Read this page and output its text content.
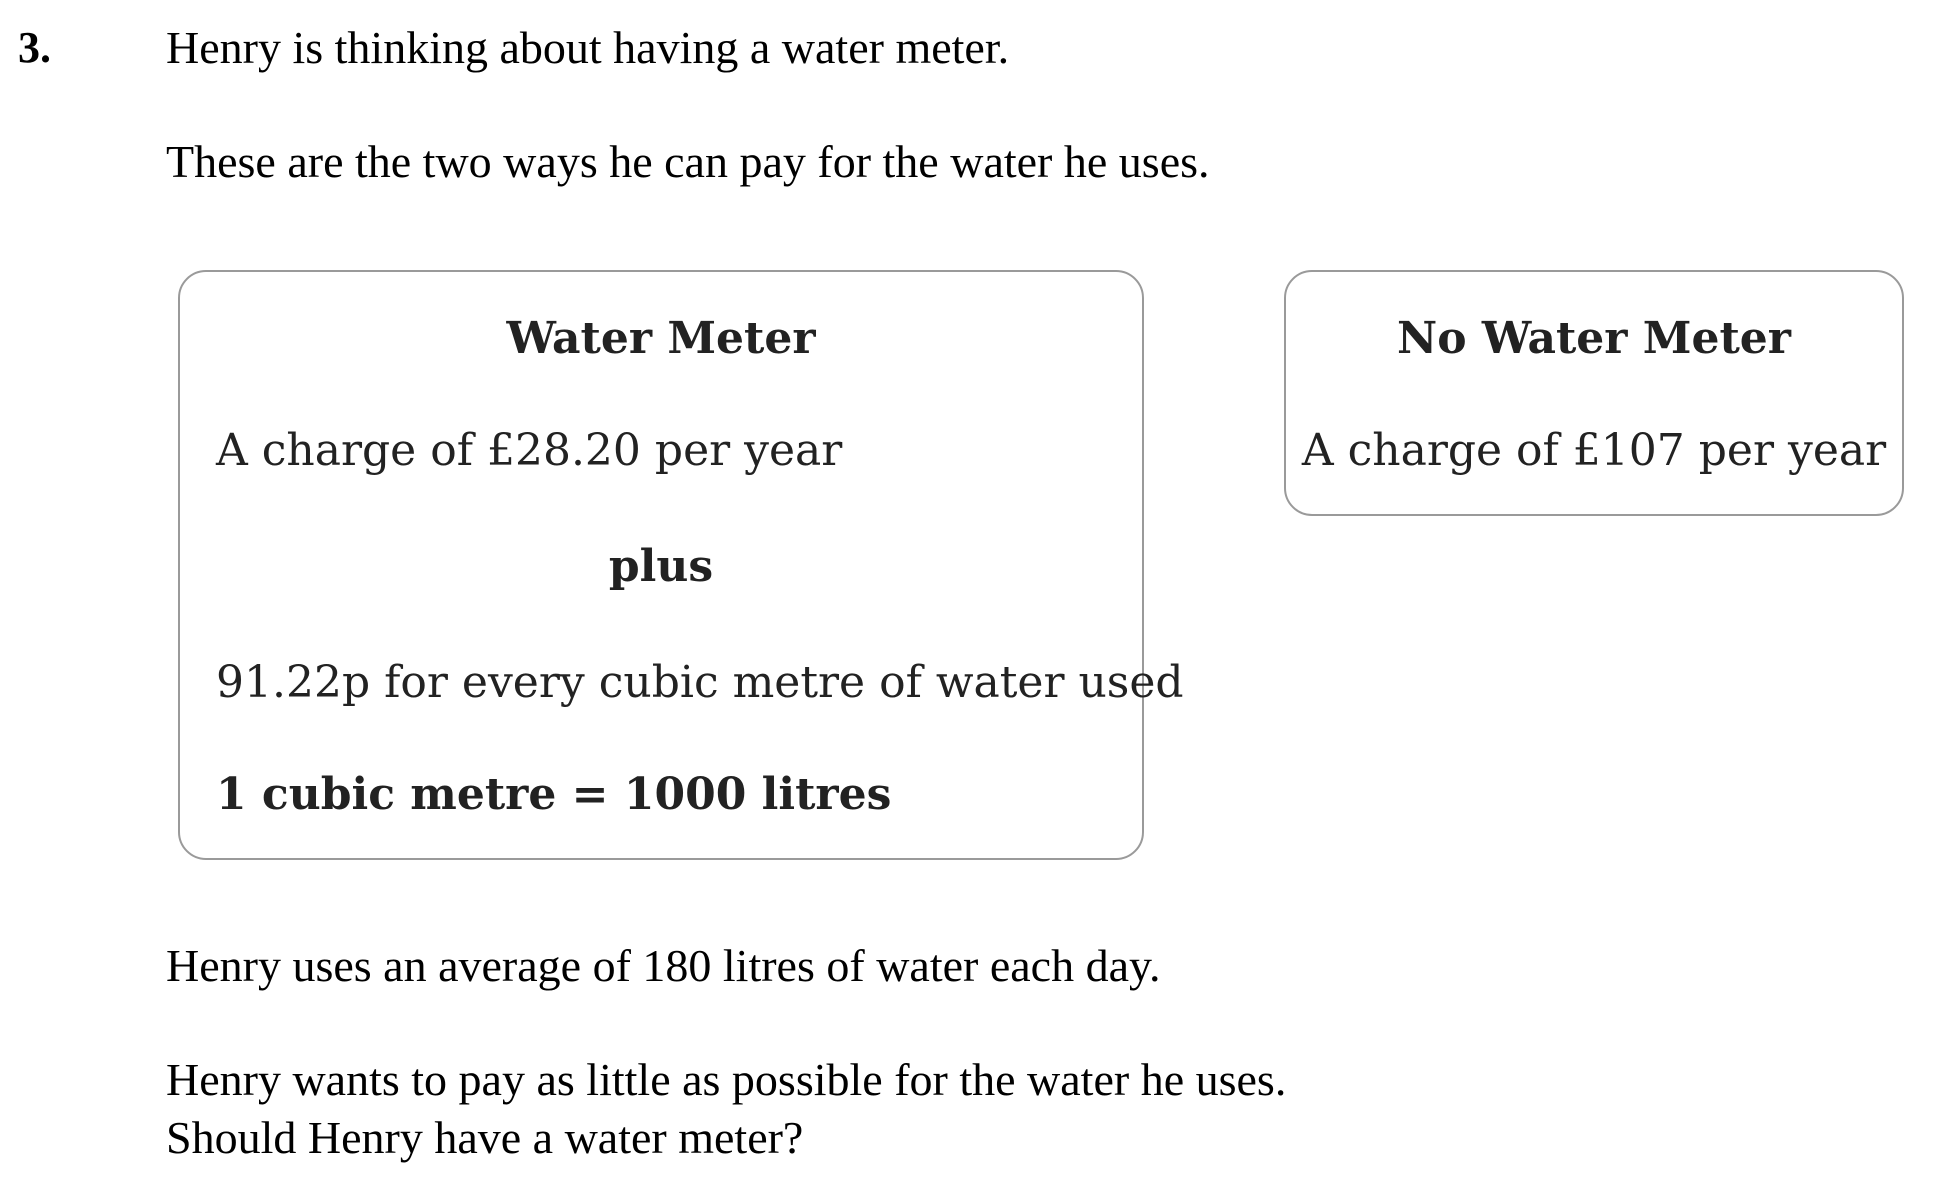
3.	Henry is thinking about having a water meter.
These are the two ways he can pay for the water he uses.
Water Meter
A charge of £28.20 per year
plus
91.22p for every cubic metre of water used
1 cubic metre = 1000 litres
No Water Meter
A charge of £107 per year
Henry uses an average of 180 litres of water each day.
Henry wants to pay as little as possible for the water he uses.
Should Henry have a water meter?
